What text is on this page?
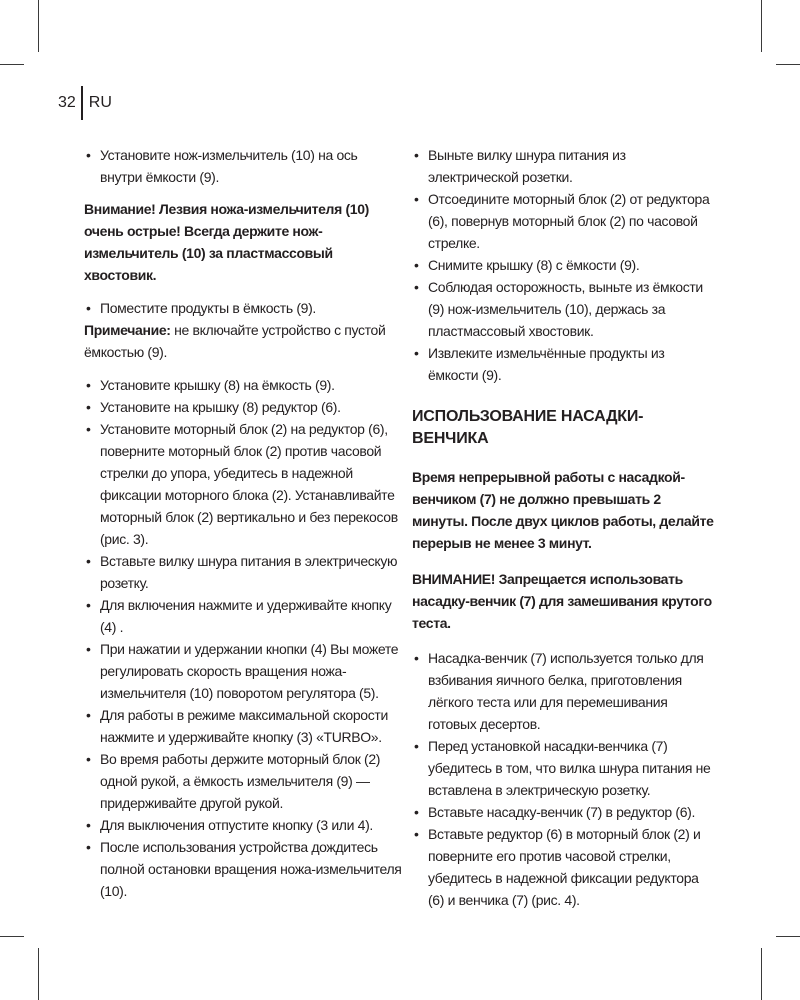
32 RU
• Установите нож-измельчитель (10) на ось внутри ёмкости (9).

Внимание! Лезвия ножа-измельчителя (10) очень острые! Всегда держите нож-измельчитель (10) за пластмассовый хвостовик.

• Поместите продукты в ёмкость (9).

Примечание: не включайте устройство с пустой ёмкостью (9).

• Установите крышку (8) на ёмкость (9).
• Установите на крышку (8) редуктор (6).
• Установите моторный блок (2) на редуктор (6), поверните моторный блок (2) против часовой стрелки до упора, убедитесь в надежной фиксации моторного блока (2). Устанавливайте моторный блок (2) вертикально и без перекосов (рис. 3).
• Вставьте вилку шнура питания в электрическую розетку.
• Для включения нажмите и удерживайте кнопку (4) .
• При нажатии и удержании кнопки (4) Вы можете регулировать скорость вращения ножа-измельчителя (10) поворотом регулятора (5).
• Для работы в режиме максимальной скорости нажмите и удерживайте кнопку (3) «TURBO».
• Во время работы держите моторный блок (2) одной рукой, а ёмкость измельчителя (9) — придерживайте другой рукой.
• Для выключения отпустите кнопку (3 или 4).
• После использования устройства дождитесь полной остановки вращения ножа-измельчителя (10).
• Выньте вилку шнура питания из электрической розетки.
• Отсоедините моторный блок (2) от редуктора (6), повернув моторный блок (2) по часовой стрелке.
• Снимите крышку (8) с ёмкости (9).
• Соблюдая осторожность, выньте из ёмкости (9) нож-измельчитель (10), держась за пластмассовый хвостовик.
• Извлеките измельчённые продукты из ёмкости (9).

ИСПОЛЬЗОВАНИЕ НАСАДКИ-ВЕНЧИКА

Время непрерывной работы с насадкой-венчиком (7) не должно превышать 2 минуты. После двух циклов работы, делайте перерыв не менее 3 минут.

ВНИМАНИЕ! Запрещается использовать насадку-венчик (7) для замешивания крутого теста.

• Насадка-венчик (7) используется только для взбивания яичного белка, приготовления лёгкого теста или для перемешивания готовых десертов.
• Перед установкой насадки-венчика (7) убедитесь в том, что вилка шнура питания не вставлена в электрическую розетку.
• Вставьте насадку-венчик (7) в редуктор (6).
• Вставьте редуктор (6) в моторный блок (2) и поверните его против часовой стрелки, убедитесь в надежной фиксации редуктора (6) и венчика (7) (рис. 4).
